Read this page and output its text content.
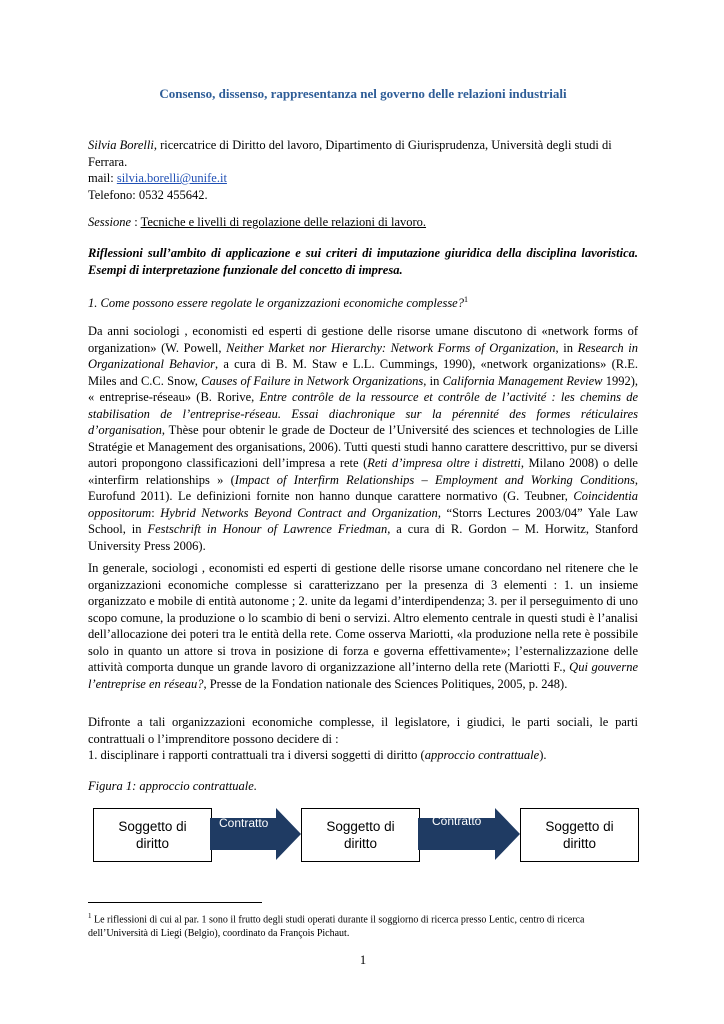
Consenso, dissenso, rappresentanza nel governo delle relazioni industriali
Silvia Borelli, ricercatrice di Diritto del lavoro, Dipartimento di Giurisprudenza, Università degli studi di Ferrara.
mail: silvia.borelli@unife.it
Telefono: 0532 455642.
Sessione : Tecniche e livelli di regolazione delle relazioni di lavoro.
Riflessioni sull’ambito di applicazione e sui criteri di imputazione giuridica della disciplina lavoristica. Esempi di interpretazione funzionale del concetto di impresa.
1. Come possono essere regolate le organizzazioni economiche complesse?$^1$
Da anni sociologi , economisti ed esperti di gestione delle risorse umane discutono di «network forms of organization» (W. Powell, Neither Market nor Hierarchy: Network Forms of Organization, in Research in Organizational Behavior, a cura di B. M. Staw e L.L. Cummings, 1990), «network organizations» (R.E. Miles and C.C. Snow, Causes of Failure in Network Organizations, in California Management Review 1992), « entreprise-réseau» (B. Rorive, Entre contrôle de la ressource et contrôle de l’activité : les chemins de stabilisation de l’entreprise-réseau. Essai diachronique sur la pérennité des formes réticulaires d’organisation, Thèse pour obtenir le grade de Docteur de l’Université des sciences et technologies de Lille Stratégie et Management des organisations, 2006). Tutti questi studi hanno carattere descrittivo, pur se diversi autori propongono classificazioni dell’impresa a rete (Reti d’impresa oltre i distretti, Milano 2008) o delle «interfirm relationships » (Impact of Interfirm Relationships – Employment and Working Conditions, Eurofund 2011). Le definizioni fornite non hanno dunque carattere normativo (G. Teubner, Coincidentia oppositorum: Hybrid Networks Beyond Contract and Organization, “Storrs Lectures 2003/04” Yale Law School, in Festschrift in Honour of Lawrence Friedman, a cura di R. Gordon – M. Horwitz, Stanford University Press 2006).
In generale, sociologi , economisti ed esperti di gestione delle risorse umane concordano nel ritenere che le organizzazioni economiche complesse si caratterizzano per la presenza di 3 elementi : 1. un insieme organizzato e mobile di entità autonome ; 2. unite da legami d’interdipendenza; 3. per il perseguimento di uno scopo comune, la produzione o lo scambio di beni o servizi. Altro elemento centrale in questi studi è l’analisi dell’allocazione dei poteri tra le entità della rete. Come osserva Mariotti, «la produzione nella rete è possibile solo in quanto un attore si trova in posizione di forza e governa effettivamente»; l’esternalizzazione delle attività comporta dunque un grande lavoro di organizzazione all’interno della rete (Mariotti F., Qui gouverne l’entreprise en réseau?, Presse de la Fondation nationale des Sciences Politiques, 2005, p. 248).
Difronte a tali organizzazioni economiche complesse, il legislatore, i giudici, le parti sociali, le parti contrattuali o l’imprenditore possono decidere di :
1. disciplinare i rapporti contrattuali tra i diversi soggetti di diritto (approccio contrattuale).
Figura 1: approccio contrattuale.
Soggetto di diritto
Contratto	Soggetto di diritto
Contratto	Soggetto di diritto
$^1$ Le riflessioni di cui al par. 1 sono il frutto degli studi operati durante il soggiorno di ricerca presso Lentic, centro di ricerca dell’Università di Liegi (Belgio), coordinato da François Pichaut.
1
